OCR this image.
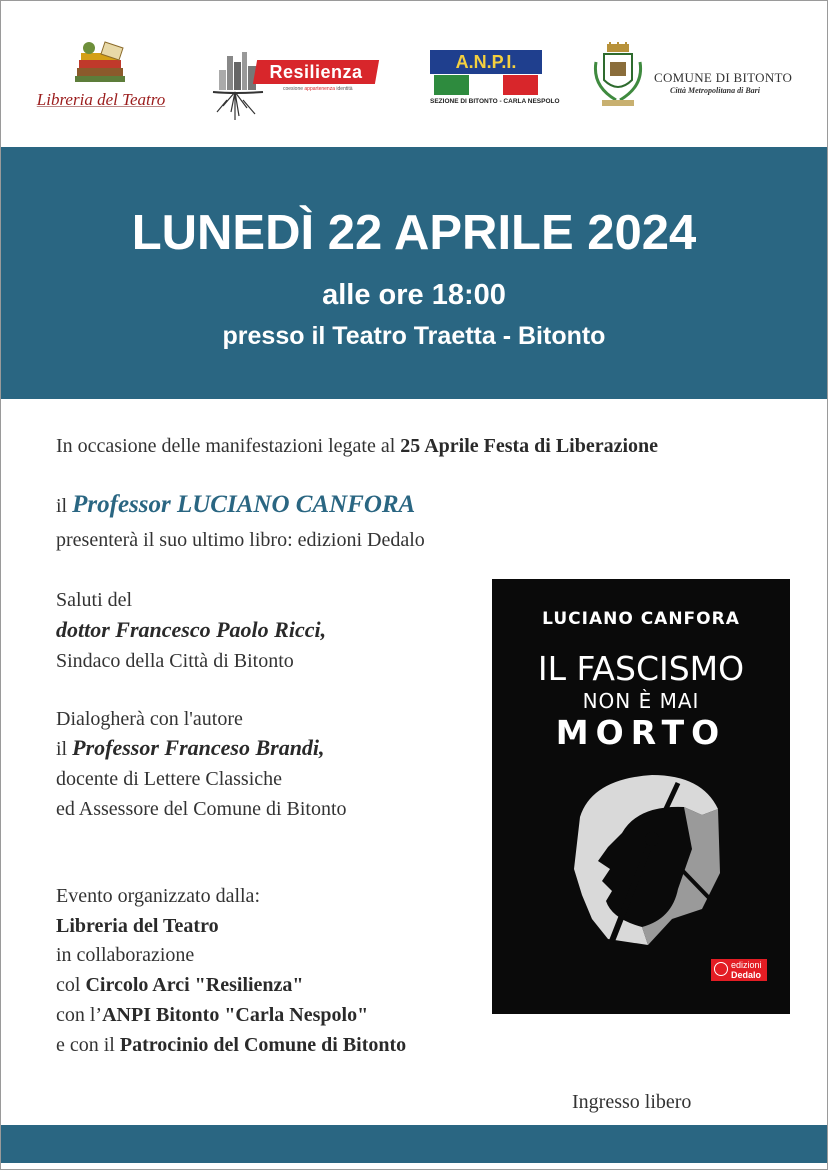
Libreria del Teatro
Resilienza
coesione appartenenza identità
A.N.P.I.
SEZIONE DI BITONTO - CARLA NESPOLO
COMUNE DI BITONTO
Città Metropolitana di Bari
LUNEDÌ 22 APRILE 2024
alle ore 18:00
presso il Teatro Traetta - Bitonto
In occasione delle manifestazioni legate al 25 Aprile Festa di Liberazione
il Professor LUCIANO CANFORA
presenterà il suo ultimo libro: edizioni Dedalo
Saluti del
dottor Francesco Paolo Ricci,
Sindaco della Città di Bitonto
Dialogherà con l'autore
il Professor Franceso Brandi,
docente di Lettere Classiche
ed Assessore del Comune di Bitonto
Evento organizzato dalla:
Libreria del Teatro
in collaborazione
col Circolo Arci "Resilienza"
con l’ANPI Bitonto "Carla Nespolo"
e con il Patrocinio del Comune di Bitonto
LUCIANO CANFORA
IL FASCISMO
NON È MAI
MORTO
edizioni
Dedalo
Ingresso libero
